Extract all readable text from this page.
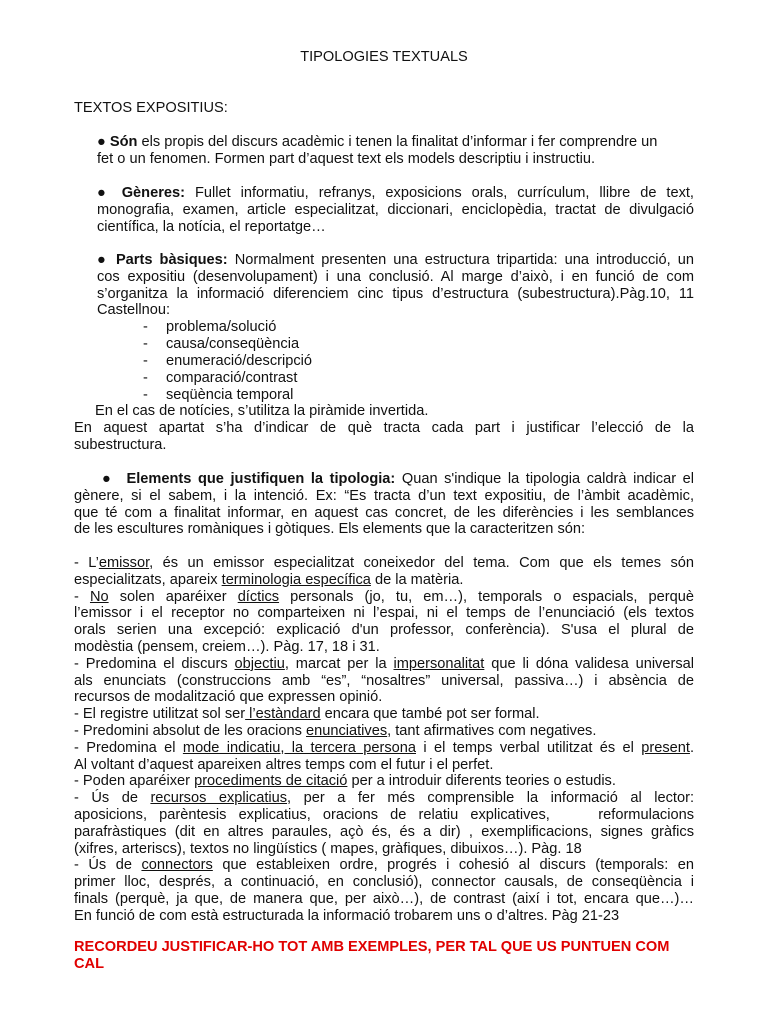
TIPOLOGIES TEXTUALS
TEXTOS EXPOSITIUS:
● Són els propis del discurs acadèmic i tenen la finalitat d’informar i fer comprendre un
fet o un fenomen. Formen part d’aquest text els models descriptiu i instructiu.
● Gèneres: Fullet informatiu, refranys, exposicions orals, currículum, llibre de text,
monografia, examen, article especialitzat, diccionari, enciclopèdia, tractat de divulgació
científica, la notícia, el reportatge…
● Parts bàsiques: Normalment presenten una estructura tripartida: una introducció, un
cos expositiu (desenvolupament) i una conclusió. Al marge d’això, i en funció de com
s’organitza la informació diferenciem cinc tipus d’estructura (subestructura).Pàg.10, 11
Castellnou:
- problema/solució
- causa/conseqüència
- enumeració/descripció
- comparació/contrast
- seqüència temporal
En el cas de notícies, s’utilitza la piràmide invertida.
En aquest apartat s’ha d’indicar de què tracta cada part i justificar l’elecció de la
subestructura.
● Elements que justifiquen la tipologia: Quan s'indique la tipologia caldrà indicar el
gènere, si el sabem, i la intenció. Ex: “Es tracta d’un text expositiu, de l’àmbit acadèmic,
que té com a finalitat informar, en aquest cas concret, de les diferències i les semblances
de les escultures romàniques i gòtiques. Els elements que la caracteritzen són:
- L’emissor, és un emissor especialitzat coneixedor del tema. Com que els temes són
especialitzats, apareix terminologia específica de la matèria.
- No solen aparéixer díctics personals (jo, tu, em…), temporals o espacials, perquè
l’emissor i el receptor no comparteixen ni l’espai, ni el temps de l’enunciació (els textos
orals serien una excepció: explicació d'un professor, conferència). S'usa el plural de
modèstia (pensem, creiem…). Pàg. 17, 18 i 31.
- Predomina el discurs objectiu, marcat per la impersonalitat que li dóna validesa universal
als enunciats (construccions amb “es”, “nosaltres” universal, passiva…) i absència de
recursos de modalització que expressen opinió.
- El registre utilitzat sol ser l’estàndard encara que també pot ser formal.
- Predomini absolut de les oracions enunciatives, tant afirmatives com negatives.
- Predomina el mode indicatiu, la tercera persona i el temps verbal utilitzat és el present.
Al voltant d’aquest apareixen altres temps com el futur i el perfet.
- Poden aparéixer procediments de citació per a introduir diferents teories o estudis.
- Ús de recursos explicatius, per a fer més comprensible la informació al lector:
aposicions, parèntesis explicatius, oracions de relatiu explicatives,    reformulacions
parafràstiques (dit en altres paraules, açò és, és a dir) , exemplificacions, signes gràfics
(xifres, arteriscs), textos no lingüístics ( mapes, gràfiques, dibuixos…). Pàg. 18
- Ús de connectors que estableixen ordre, progrés i cohesió al discurs (temporals: en
primer lloc, després, a continuació, en conclusió), connector causals, de conseqüència i
finals (perquè, ja que, de manera que, per això…), de contrast (així i tot, encara que…)…
En funció de com està estructurada la informació trobarem uns o d’altres. Pàg 21-23
RECORDEU JUSTIFICAR-HO TOT AMB EXEMPLES, PER TAL QUE US PUNTUEN COM CAL
